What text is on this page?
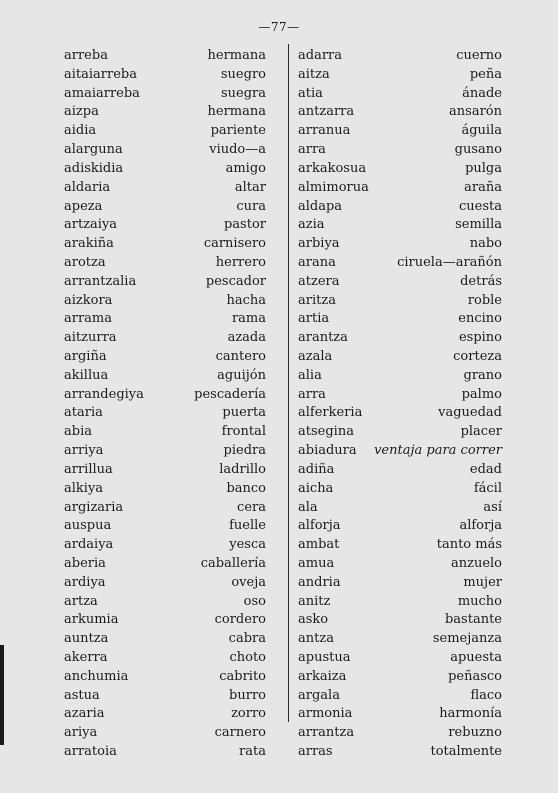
—77—
arreba	hermana
aitaiarreba	suegro
amaiarreba	suegra
aizpa	hermana
aidia	pariente
alarguna	viudo—a
adiskidia	amigo
aldaria	altar
apeza	cura
artzaiya	pastor
arakiña	carnisero
arotza	herrero
arrantzalia	pescador
aizkora	hacha
arrama	rama
aitzurra	azada
argiña	cantero
akillua	aguijón
arrandegiya	pescadería
ataria	puerta
abia	frontal
arriya	piedra
arrillua	ladrillo
alkiya	banco
argizaria	cera
auspua	fuelle
ardaiya	yesca
aberia	caballería
ardiya	oveja
artza	oso
arkumia	cordero
auntza	cabra
akerra	choto
anchumia	cabrito
astua	burro
azaria	zorro
ariya	carnero
arratoia	rata
adarra	cuerno
aitza	peña
atia	ánade
antzarra	ansarón
arranua	águila
arra	gusano
arkakosua	pulga
almimorua	araña
aldapa	cuesta
azia	semilla
arbiya	nabo
arana	ciruela—arañón
atzera	detrás
aritza	roble
artia	encino
arantza	espino
azala	corteza
alia	grano
arra	palmo
alferkeria	vaguedad
atseginа	placer
abiadura ventaja para correr
adiña	edad
aicha	fácil
ala	así
alforja	alforja
ambat	tanto más
amua	anzuelo
andria	mujer
anitz	mucho
asko	bastante
antza	semejanza
apustua	apuesta
arkaiza	peñasco
argala	flaco
armonia	harmonía
arrantza	rebuzno
arras	totalmente
